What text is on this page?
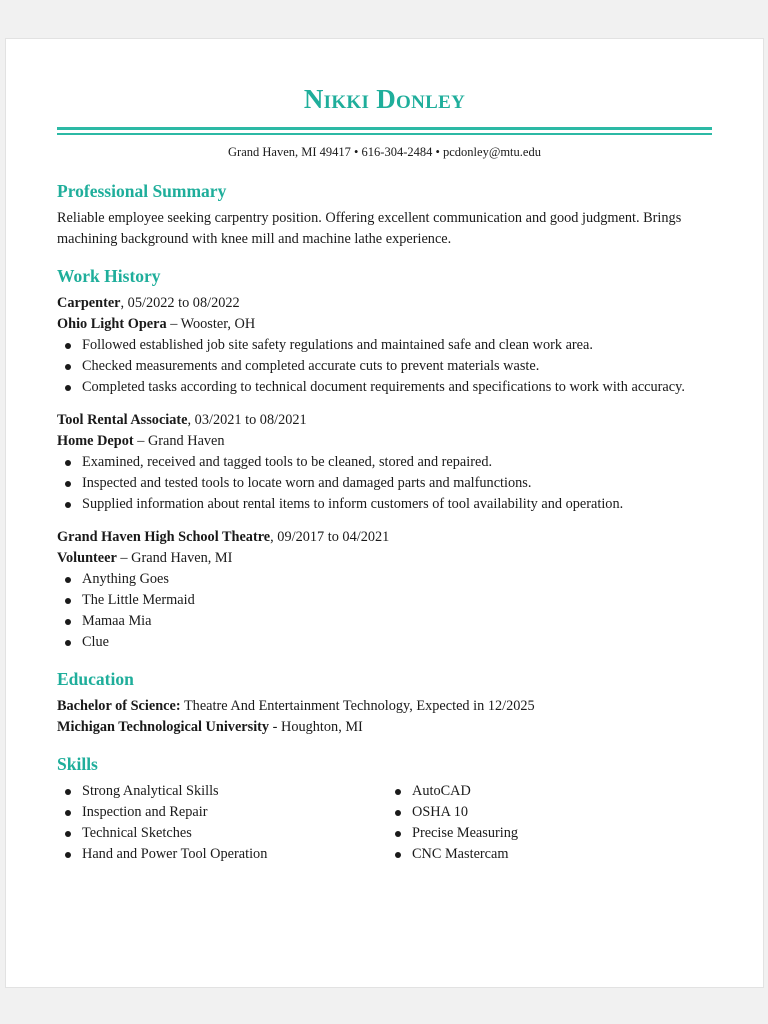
Nikki Donley
Grand Haven, MI 49417 • 616-304-2484 • pcdonley@mtu.edu
Professional Summary

Reliable employee seeking carpentry position. Offering excellent communication and good judgment. Brings machining background with knee mill and machine lathe experience.

Work History
Carpenter, 05/2022 to 08/2022
Ohio Light Opera – Wooster, OH
Followed established job site safety regulations and maintained safe and clean work area.
Checked measurements and completed accurate cuts to prevent materials waste.
Completed tasks according to technical document requirements and specifications to work with accuracy.
Tool Rental Associate, 03/2021 to 08/2021
Home Depot – Grand Haven
Examined, received and tagged tools to be cleaned, stored and repaired.
Inspected and tested tools to locate worn and damaged parts and malfunctions.
Supplied information about rental items to inform customers of tool availability and operation.
Grand Haven High School Theatre, 09/2017 to 04/2021
Volunteer – Grand Haven, MI
Anything Goes
The Little Mermaid
Mamaa Mia
Clue
Education
Bachelor of Science: Theatre And Entertainment Technology, Expected in 12/2025
Michigan Technological University - Houghton, MI
Skills
Strong Analytical Skills
Inspection and Repair
Technical Sketches
Hand and Power Tool Operation
AutoCAD
OSHA 10
Precise Measuring
CNC Mastercam
